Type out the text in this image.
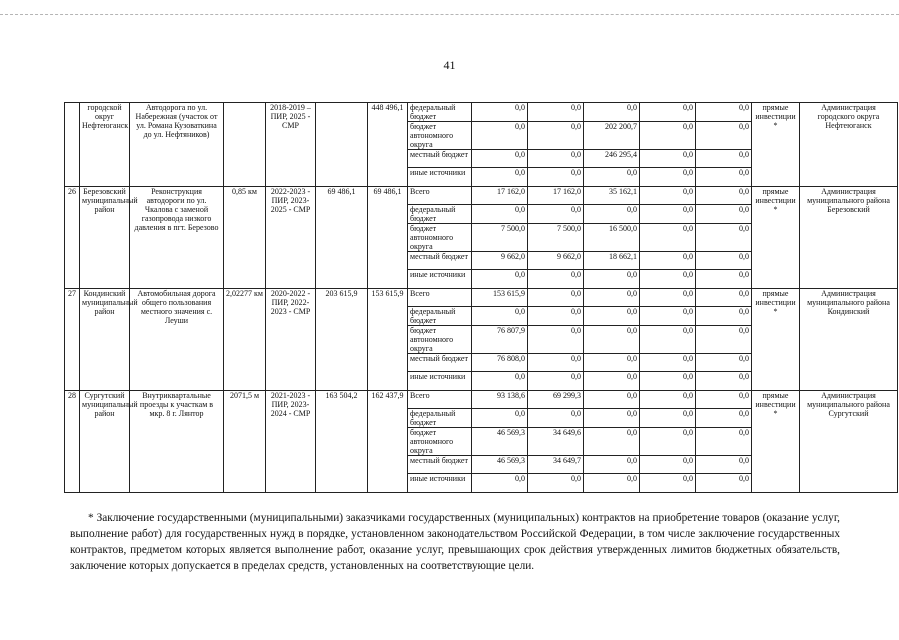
41
	городской округ Нефтеюганск	Автодорога по ул. Набережная (участок от ул. Романа Кузоваткина до ул. Нефтяников)		2018-2019 – ПИР, 2025 - СМР		448 496,1	федеральный бюджет	0,0	0,0	0,0	0,0	0,0	прямые инвестиции *	Администрация городского округа Нефтеюганск
							бюджет автономного округа	0,0	0,0	202 200,7	0,0	0,0		
							местный бюджет	0,0	0,0	246 295,4	0,0	0,0		
							иные источники	0,0	0,0	0,0	0,0	0,0		
26	Березовский муниципальный район	Реконструкция автодороги по ул. Чкалова с заменой газопровода низкого давления в пгт. Березово	0,85 км	2022-2023 - ПИР, 2023-2025 - СМР	69 486,1	69 486,1	Всего	17 162,0	17 162,0	35 162,1	0,0	0,0	прямые инвестиции *	Администрация муниципального района Березовский
							федеральный бюджет	0,0	0,0	0,0	0,0	0,0		
							бюджет автономного округа	7 500,0	7 500,0	16 500,0	0,0	0,0		
							местный бюджет	9 662,0	9 662,0	18 662,1	0,0	0,0		
							иные источники	0,0	0,0	0,0	0,0	0,0		
27	Кондинский муниципальный район	Автомобильная дорога общего пользования местного значения с. Леуши	2,02277 км	2020-2022 - ПИР, 2022-2023 - СМР	203 615,9	153 615,9	Всего	153 615,9	0,0	0,0	0,0	0,0	прямые инвестиции *	Администрация муниципального района Кондинский
							федеральный бюджет	0,0	0,0	0,0	0,0	0,0		
							бюджет автономного округа	76 807,9	0,0	0,0	0,0	0,0		
							местный бюджет	76 808,0	0,0	0,0	0,0	0,0		
							иные источники	0,0	0,0	0,0	0,0	0,0		
28	Сургутский муниципальный район	Внутриквартальные проезды к участкам в мкр. 8 г. Лянтор	2071,5 м	2021-2023 - ПИР, 2023-2024 - СМР	163 504,2	162 437,9	Всего	93 138,6	69 299,3	0,0	0,0	0,0	прямые инвестиции *	Администрация муниципального района Сургутский
							федеральный бюджет	0,0	0,0	0,0	0,0	0,0		
							бюджет автономного округа	46 569,3	34 649,6	0,0	0,0	0,0		
							местный бюджет	46 569,3	34 649,7	0,0	0,0	0,0		
							иные источники	0,0	0,0	0,0	0,0	0,0		

* Заключение государственными (муниципальными) заказчиками государственных (муниципальных) контрактов на приобретение товаров (оказание услуг, выполнение работ) для государственных нужд в порядке, установленном законодательством Российской Федерации, в том числе заключение государственных контрактов, предметом которых является выполнение работ, оказание услуг, превышающих срок действия утвержденных лимитов бюджетных обязательств, заключение которых допускается в пределах средств, установленных на соответствующие цели.
